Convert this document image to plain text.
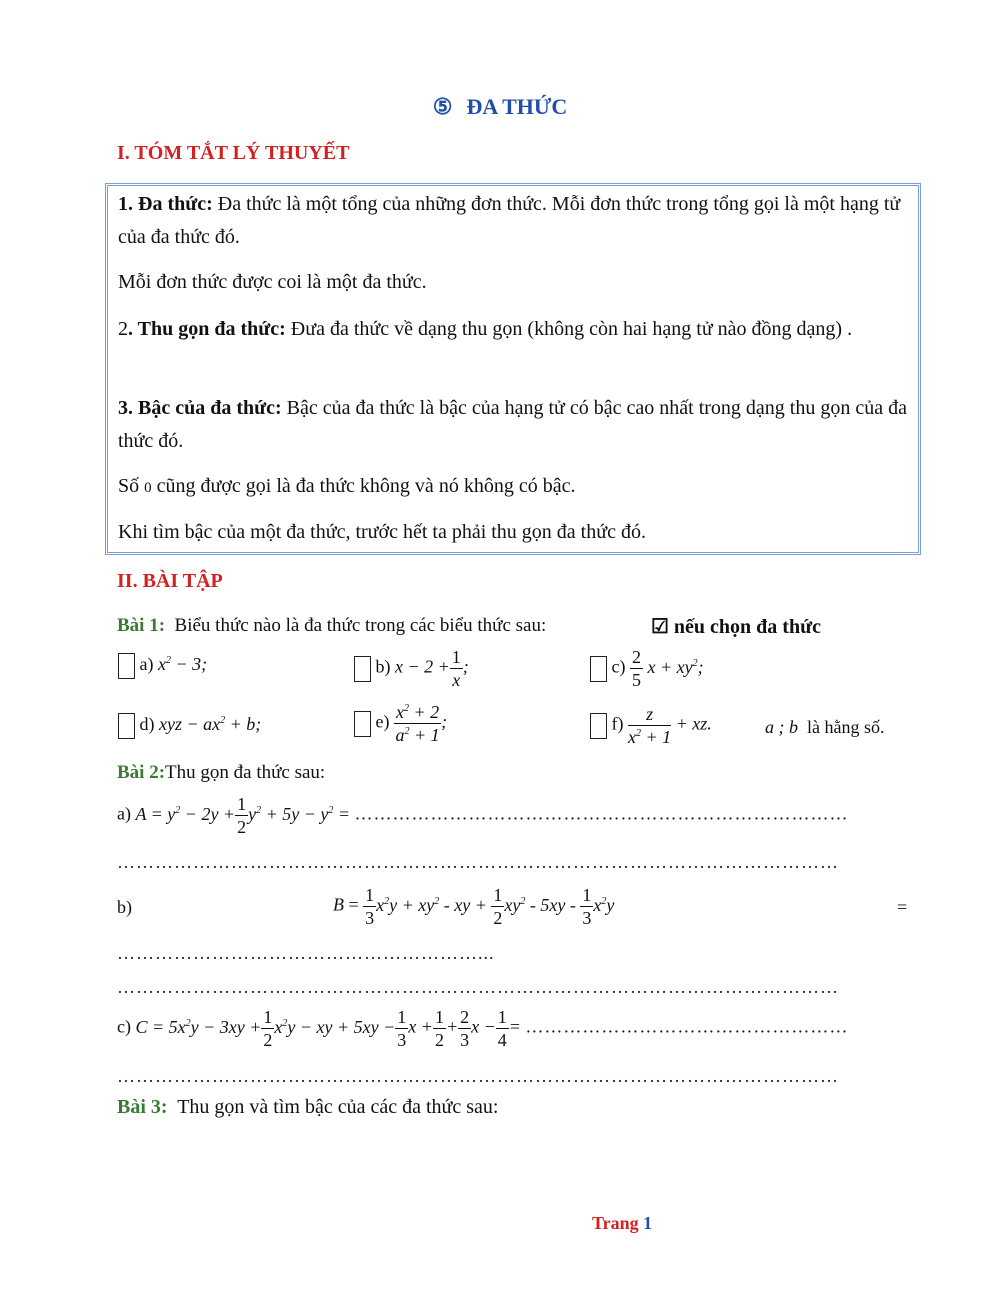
⑤ ĐA THỨC
I. TÓM TẮT LÝ THUYẾT
1. Đa thức: Đa thức là một tổng của những đơn thức. Mỗi đơn thức trong tổng gọi là một hạng tử của đa thức đó.
Mỗi đơn thức được coi là một đa thức.
2. Thu gọn đa thức: Đưa đa thức về dạng thu gọn (không còn hai hạng tử nào đồng dạng) .
3. Bậc của đa thức: Bậc của đa thức là bậc của hạng tử có bậc cao nhất trong dạng thu gọn của đa thức đó.
Số 0 cũng được gọi là đa thức không và nó không có bậc.
Khi tìm bậc của một đa thức, trước hết ta phải thu gọn đa thức đó.
II. BÀI TẬP
Bài 1: Biểu thức nào là đa thức trong các biểu thức sau:	☑ nếu chọn đa thức
a) $x^2 - 3$;	b) $x - 2 + \frac{1}{x}$ ;	$c) \frac{2}{5}$ $x + xy^2$;
d) xyz − $ax^2 + b$;	$e) \frac{x^2 + 2}{a^2 + 1}$ ;	$f) \frac{z}{x^2 + 1}$ + xz.	a ; b là hằng số.
Bài 2:Thu gọn đa thức sau:
a) $A = y^2 - 2y + \frac{1}{2} y^2 + 5y - y^2$ = ……………………………………………………………………
……………………………………………………………………………………………………
b)	$B = \frac{1}{3} x^2y + xy^2$ - xy + $\frac{1}{2} xy^2 - 5xy - \frac{1}{3} x^2y$	=
…………………………………………………...
……………………………………………………………………………………………………
c) $C = 5x^2y - 3xy + \frac{1}{2} x^2y$ − xy + $5xy - \frac{1}{3}$ $x + \frac{1}{2} + \frac{2}{3}$ $x - \frac{1}{4}$ = ……………………………………………
……………………………………………………………………………………………………
Bài 3: Thu gọn và tìm bậc của các đa thức sau:
Trang 1
